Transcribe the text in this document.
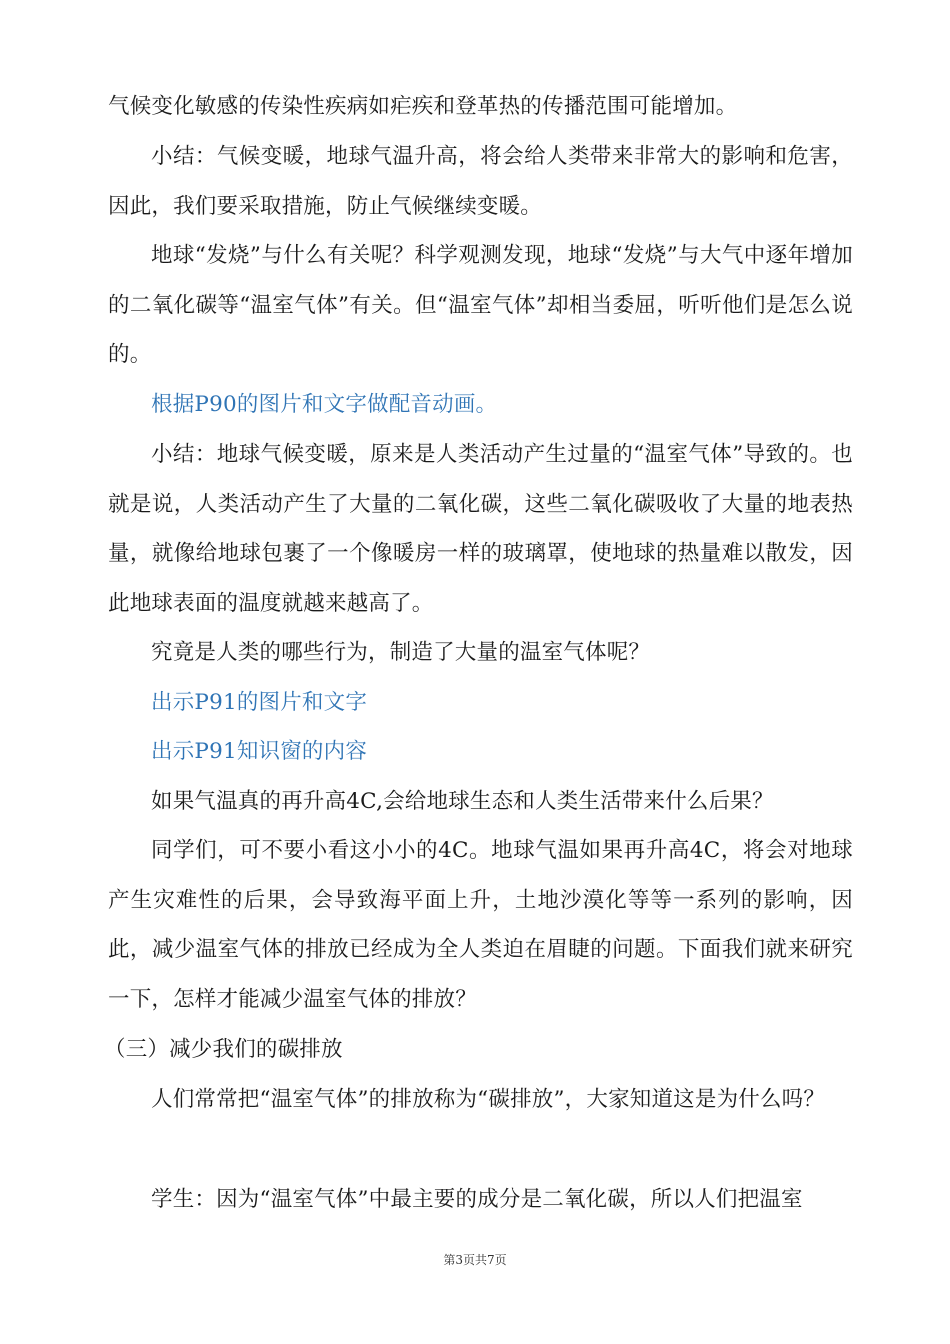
气候变化敏感的传染性疾病如疟疾和登革热的传播范围可能增加。

小结：气候变暖，地球气温升高，将会给人类带来非常大的影响和危害，因此，我们要采取措施，防止气候继续变暖。

地球“发烧”与什么有关呢？科学观测发现，地球“发烧”与大气中逐年增加的二氧化碳等“温室气体”有关。但“温室气体”却相当委屈，听听他们是怎么说的。

根据P90的图片和文字做配音动画。

小结：地球气候变暖，原来是人类活动产生过量的“温室气体”导致的。也就是说，人类活动产生了大量的二氧化碳，这些二氧化碳吸收了大量的地表热量，就像给地球包裹了一个像暖房一样的玻璃罩，使地球的热量难以散发，因此地球表面的温度就越来越高了。

究竟是人类的哪些行为，制造了大量的温室气体呢？

出示P91的图片和文字

出示P91知识窗的内容

如果气温真的再升高4C,会给地球生态和人类生活带来什么后果？

同学们，可不要小看这小小的4C。地球气温如果再升高4C，将会对地球产生灾难性的后果，会导致海平面上升，土地沙漠化等等一系列的影响，因此，减少温室气体的排放已经成为全人类迫在眉睫的问题。下面我们就来研究一下，怎样才能减少温室气体的排放？

（三）减少我们的碳排放

人们常常把“温室气体”的排放称为“碳排放”，大家知道这是为什么吗？

学生：因为“温室气体”中最主要的成分是二氧化碳，所以人们把温室

第3页共7页
